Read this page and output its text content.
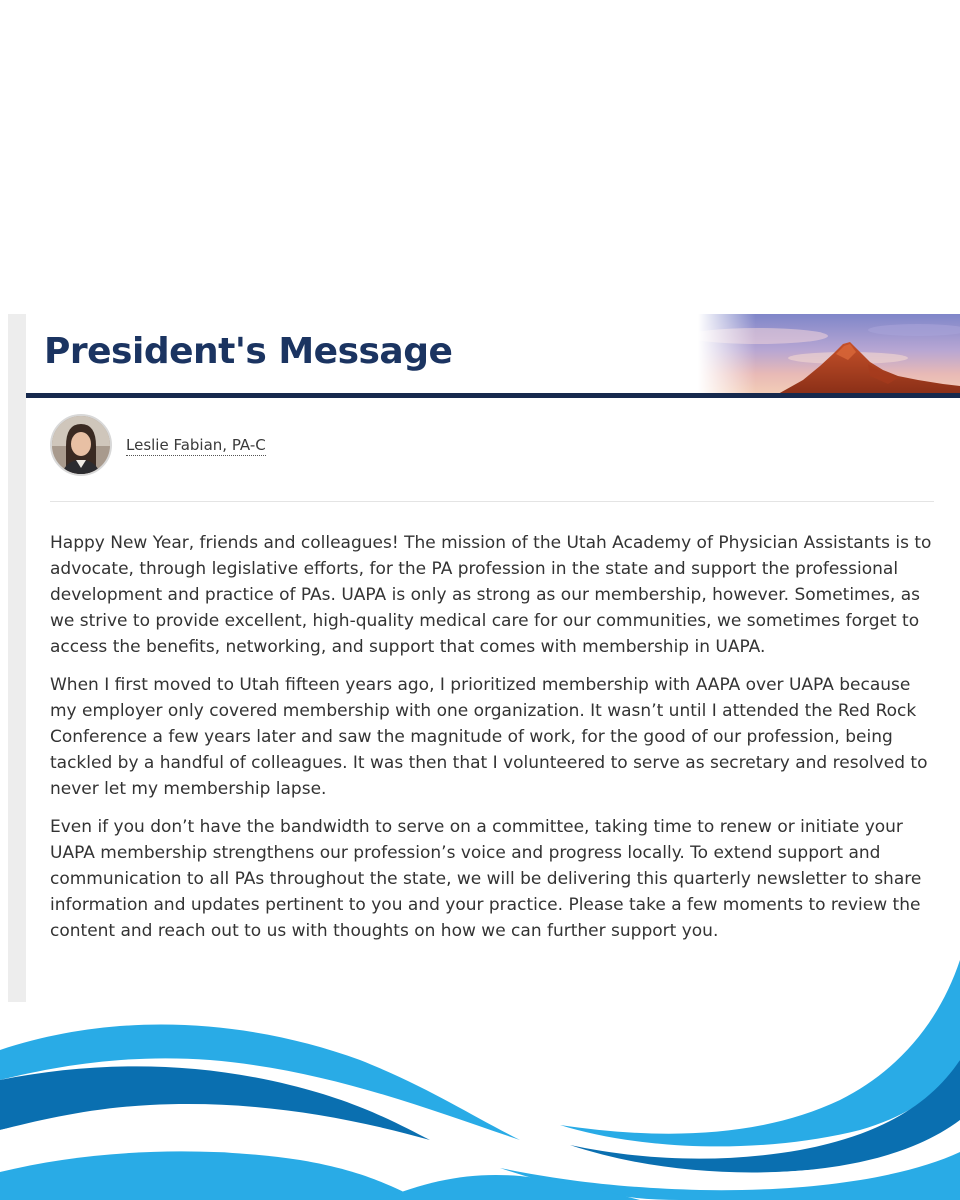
President's Message
Leslie Fabian, PA-C

Happy New Year, friends and colleagues! The mission of the Utah Academy of Physician Assistants is to advocate, through legislative efforts, for the PA profession in the state and support the professional development and practice of PAs. UAPA is only as strong as our membership, however. Sometimes, as we strive to provide excellent, high-quality medical care for our communities, we sometimes forget to access the benefits, networking, and support that comes with membership in UAPA.

When I first moved to Utah fifteen years ago, I prioritized membership with AAPA over UAPA because my employer only covered membership with one organization. It wasn’t until I attended the Red Rock Conference a few years later and saw the magnitude of work, for the good of our profession, being tackled by a handful of colleagues. It was then that I volunteered to serve as secretary and resolved to never let my membership lapse.

Even if you don’t have the bandwidth to serve on a committee, taking time to renew or initiate your UAPA membership strengthens our profession’s voice and progress locally. To extend support and communication to all PAs throughout the state, we will be delivering this quarterly newsletter to share information and updates pertinent to you and your practice. Please take a few moments to review the content and reach out to us with thoughts on how we can further support you.
